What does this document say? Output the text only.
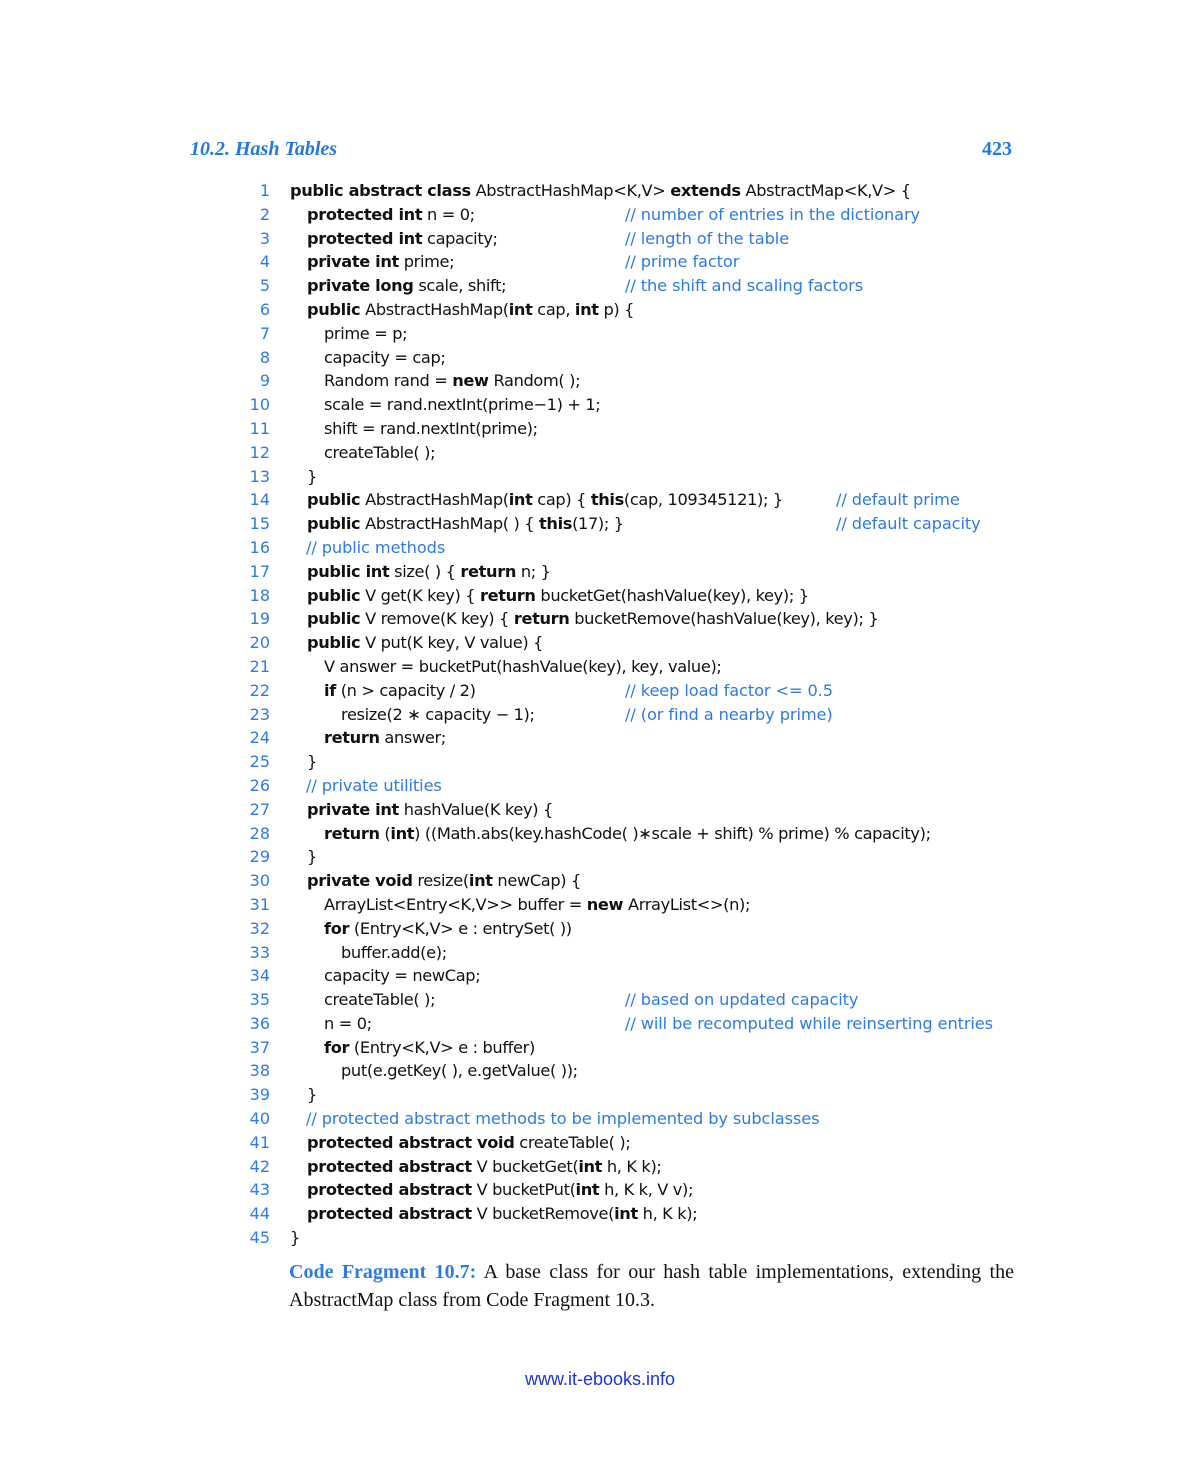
10.2. Hash Tables	423
1 public abstract class AbstractHashMap<K,V> extends AbstractMap<K,V> {
2 protected int n = 0;	// number of entries in the dictionary
3 protected int capacity;	// length of the table
4 private int prime;	// prime factor
5 private long scale, shift;	// the shift and scaling factors
6 public AbstractHashMap(int cap, int p) {
7	prime = p;
8	capacity = cap;
9	Random rand = new Random( );
10	scale = rand.nextInt(prime−1) + 1;
11	shift = rand.nextInt(prime);
12	createTable( );
13 }
14 public AbstractHashMap(int cap) { this(cap, 109345121); }	// default prime
15 public AbstractHashMap( ) { this(17); }	// default capacity
16 // public methods
17 public int size( ) { return n; }
18 public V get(K key) { return bucketGet(hashValue(key), key); }
19 public V remove(K key) { return bucketRemove(hashValue(key), key); }
20 public V put(K key, V value) {
21	V answer = bucketPut(hashValue(key), key, value);
22	if (n > capacity / 2)	// keep load factor <= 0.5
23	resize(2 ∗ capacity − 1);	// (or find a nearby prime)
24	return answer;
25 }
26 // private utilities
27 private int hashValue(K key) {
28	return (int) ((Math.abs(key.hashCode( )∗scale + shift) % prime) % capacity);
29 }
30 private void resize(int newCap) {
31	ArrayList<Entry<K,V>> buffer = new ArrayList<>(n);
32	for (Entry<K,V> e : entrySet( ))
33	buffer.add(e);
34	capacity = newCap;
35	createTable( );	// based on updated capacity
36	n = 0;	// will be recomputed while reinserting entries
37	for (Entry<K,V> e : buffer)
38	put(e.getKey( ), e.getValue( ));
39 }
40 // protected abstract methods to be implemented by subclasses
41 protected abstract void createTable( );
42 protected abstract V bucketGet(int h, K k);
43 protected abstract V bucketPut(int h, K k, V v);
44 protected abstract V bucketRemove(int h, K k);
45 }
Code Fragment 10.7: A base class for our hash table implementations, extending the AbstractMap class from Code Fragment 10.3.
www.it-ebooks.info
